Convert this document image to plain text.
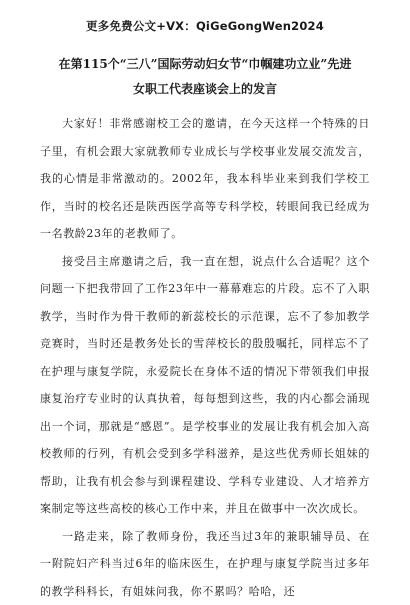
更多免费公文+VX：QiGeGongWen2024
在第115个“三八”国际劳动妇女节“巾帼建功立业”先进
女职工代表座谈会上的发言

大家好！非常感谢校工会的邀请，在今天这样一个特殊的日子里，有机会跟大家就教师专业成长与学校事业发展交流发言，我的心情是非常激动的。2002年，我本科毕业来到我们学校工作，当时的校名还是陕西医学高等专科学校，转眼间我已经成为一名教龄23年的老教师了。

接受吕主席邀请之后，我一直在想，说点什么合适呢？这个问题一下把我带回了工作23年中一幕幕难忘的片段。忘不了入职教学，当时作为骨干教师的新蕊校长的示范课，忘不了参加教学竞赛时，当时还是教务处长的雪萍校长的殷殷嘱托，同样忘不了在护理与康复学院，永爱院长在身体不适的情况下带领我们申报康复治疗专业时的认真执着，每每想到这些，我的内心都会涌现出一个词，那就是“感恩”。是学校事业的发展让我有机会加入高校教师的行列，有机会受到多学科滋养，是这些优秀师长姐妹的帮助，让我有机会参与到课程建设、学科专业建设、人才培养方案制定等这些高校的核心工作中来，并且在做事中一次次成长。

一路走来，除了教师身份，我还当过3年的兼职辅导员、在一附院妇产科当过6年的临床医生，在护理与康复学院当过多年的教学科科长，有姐妹问我，你不累吗？哈哈，还
